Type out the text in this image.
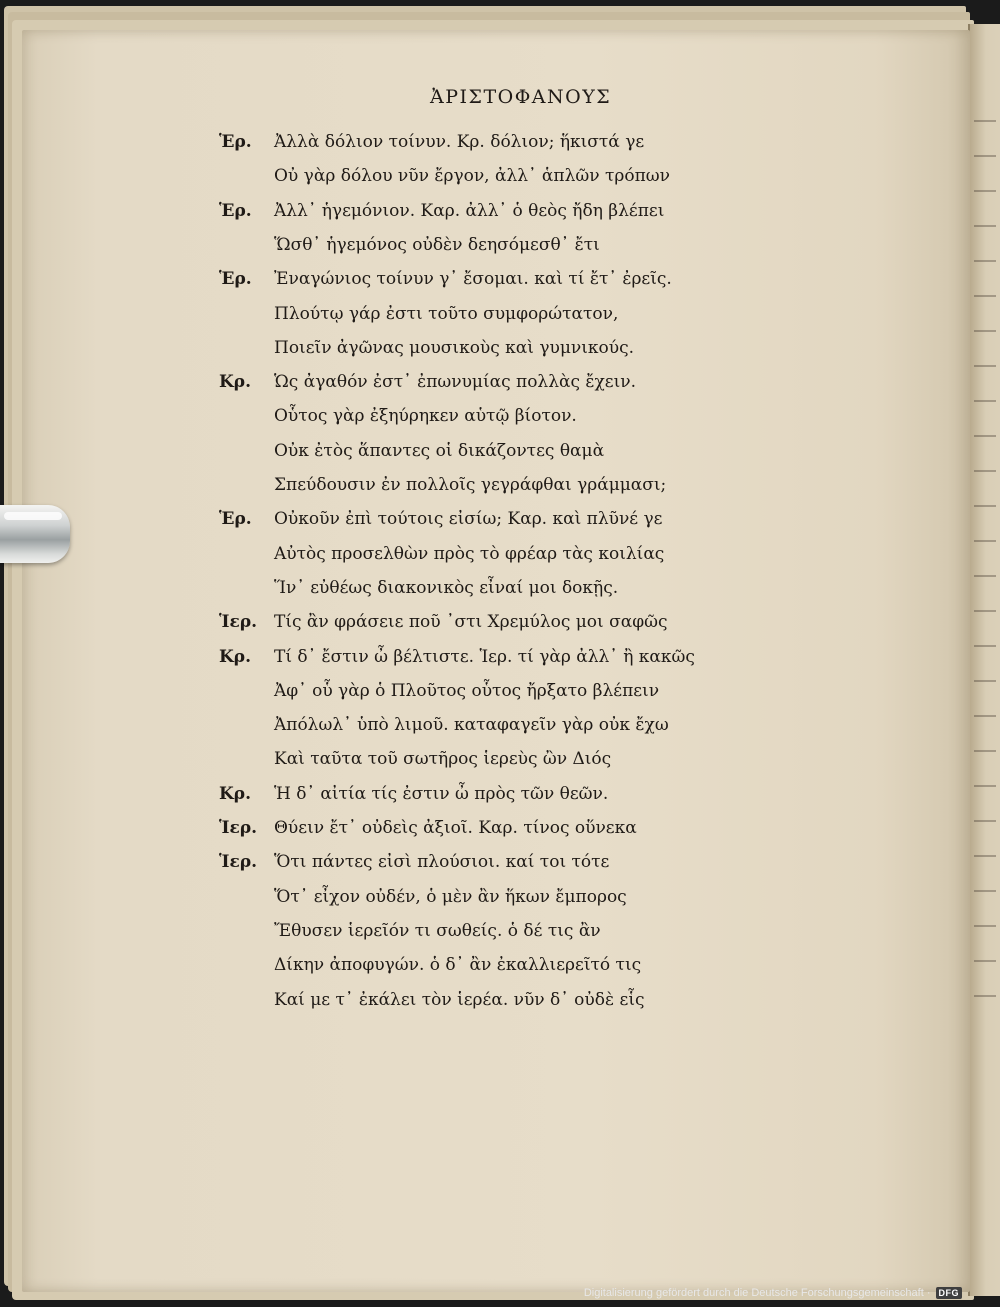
ἈΡΙΣΤΟΦΑΝΟΥΣ
Ἑρ.	Ἀλλὰ δόλιον τοίνυν. Κρ. δόλιον; ἥκιστά γε
Οὐ γὰρ δόλου νῦν ἔργον, ἀλλ᾽ ἁπλῶν τρόπων
Ἑρ.	Ἀλλ᾽ ἡγεμόνιον. Καρ. ἀλλ᾽ ὁ θεὸς ἤδη βλέπει
Ὥσθ᾽ ἡγεμόνος οὐδὲν δεησόμεσθ᾽ ἔτι
Ἑρ.	Ἐναγώνιος τοίνυν γ᾽ ἔσομαι. καὶ τί ἔτ᾽ ἐρεῖς.
Πλούτῳ γάρ ἐστι τοῦτο συμφορώτατον,
Ποιεῖν ἀγῶνας μουσικοὺς καὶ γυμνικούς.
Κρ.	Ὡς ἀγαθόν ἐστ᾽ ἐπωνυμίας πολλὰς ἔχειν.
Οὗτος γὰρ ἐξηύρηκεν αὑτῷ βίοτον.
Οὐκ ἐτὸς ἅπαντες οἱ δικάζοντες θαμὰ
Σπεύδουσιν ἐν πολλοῖς γεγράφθαι γράμμασι;
Ἑρ.	Οὐκοῦν ἐπὶ τούτοις εἰσίω; Καρ. καὶ πλῦνέ γε
Αὐτὸς προσελθὼν πρὸς τὸ φρέαρ τὰς κοιλίας
Ἵν᾽ εὐθέως διακονικὸς εἶναί μοι δοκῇς.
Ἱερ. Τίς ἂν φράσειε ποῦ ᾽στι Χρεμύλος μοι σαφῶς
Κρ.	Τί δ᾽ ἔστιν ὦ βέλτιστε. Ἱερ. τί γὰρ ἀλλ᾽ ἢ κακῶς
Ἀφ᾽ οὗ γὰρ ὁ Πλοῦτος οὗτος ἤρξατο βλέπειν
Ἀπόλωλ᾽ ὑπὸ λιμοῦ. καταφαγεῖν γὰρ οὐκ ἔχω
Καὶ ταῦτα τοῦ σωτῆρος ἱερεὺς ὢν Διός
Κρ.	Ἡ δ᾽ αἰτία τίς ἐστιν ὦ πρὸς τῶν θεῶν.
Ἱερ. Θύειν ἔτ᾽ οὐδεὶς ἀξιοῖ. Καρ. τίνος οὕνεκα
Ἱερ. Ὅτι πάντες εἰσὶ πλούσιοι. καί τοι τότε
Ὅτ᾽ εἶχον οὐδέν, ὁ μὲν ἂν ἥκων ἔμπορος
Ἔθυσεν ἱερεῖόν τι σωθείς. ὁ δέ τις ἂν
Δίκην ἀποφυγών. ὁ δ᾽ ἂν ἐκαλλιερεῖτό τις
Καί με τ᾽ ἐκάλει τὸν ἱερέα. νῦν δ᾽ οὐδὲ εἷς
Digitalisierung gefördert durch die Deutsche Forschungsgemeinschaft · DFG
